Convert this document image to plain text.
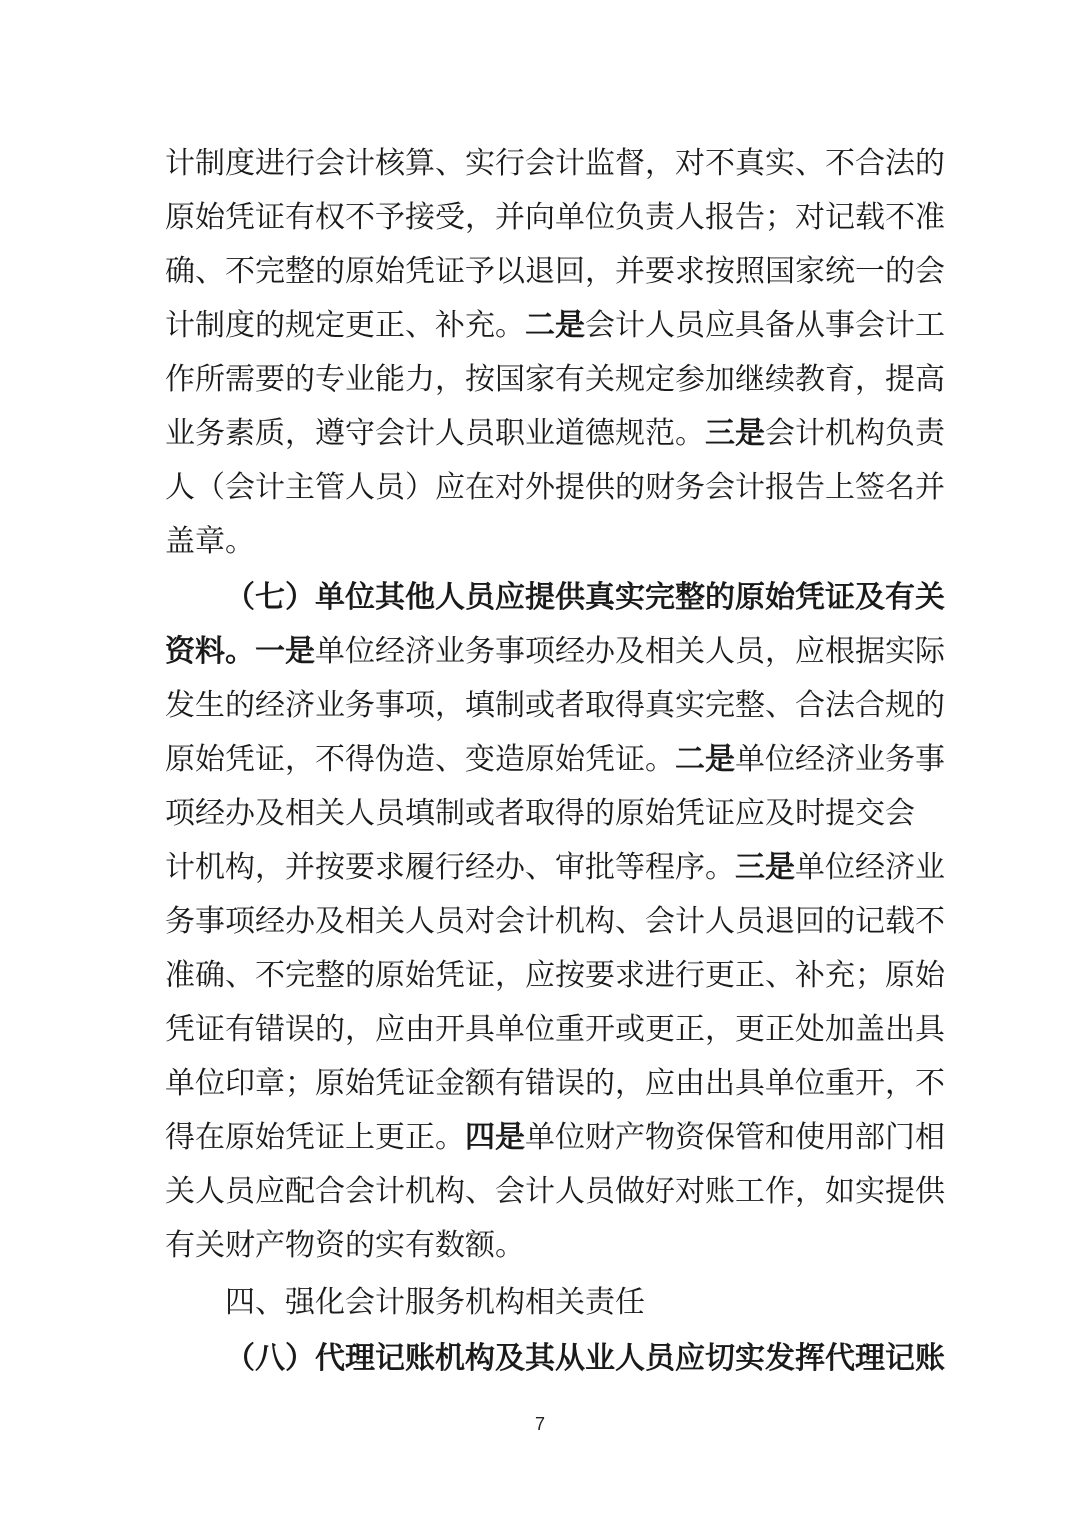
计制度进行会计核算、实行会计监督，对不真实、不合法的
原始凭证有权不予接受，并向单位负责人报告；对记载不准
确、不完整的原始凭证予以退回，并要求按照国家统一的会
计制度的规定更正、补充。二是会计人员应具备从事会计工
作所需要的专业能力，按国家有关规定参加继续教育，提高
业务素质，遵守会计人员职业道德规范。三是会计机构负责
人（会计主管人员）应在对外提供的财务会计报告上签名并
盖章。
（七）单位其他人员应提供真实完整的原始凭证及有关
资料。一是单位经济业务事项经办及相关人员，应根据实际
发生的经济业务事项，填制或者取得真实完整、合法合规的
原始凭证，不得伪造、变造原始凭证。二是单位经济业务事
项经办及相关人员填制或者取得的原始凭证应及时提交会
计机构，并按要求履行经办、审批等程序。三是单位经济业
务事项经办及相关人员对会计机构、会计人员退回的记载不
准确、不完整的原始凭证，应按要求进行更正、补充；原始
凭证有错误的，应由开具单位重开或更正，更正处加盖出具
单位印章；原始凭证金额有错误的，应由出具单位重开，不
得在原始凭证上更正。四是单位财产物资保管和使用部门相
关人员应配合会计机构、会计人员做好对账工作，如实提供
有关财产物资的实有数额。
四、强化会计服务机构相关责任
（八）代理记账机构及其从业人员应切实发挥代理记账
7
